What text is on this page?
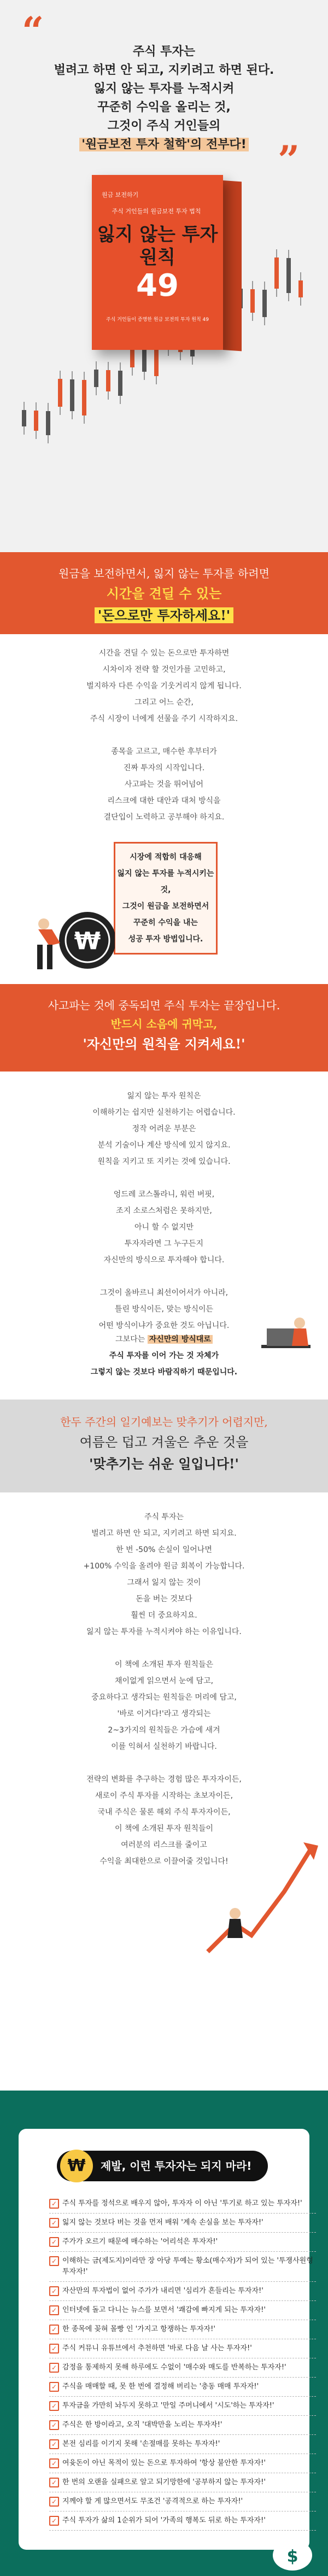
“
”

주식 투자는

벌려고 하면 안 되고, 지키려고 하면 된다.

잃지 않는 투자를 누적시켜

꾸준히 수익을 올리는 것,

그것이 주식 거인들의

'원금보전 투자 철학'의 전부다!

원금 보전하기
주식 거인들의 원금보전 투자 법칙
잃지 않는 투자 원칙
49
주식 거인들이 증명한 원금 보전의 투자 원칙 49
원금을 보전하면서, 잃지 않는 투자를 하려면
시간을 견딜 수 있는
'돈으로만 투자하세요!'
시간을 견딜 수 있는 돈으로만 투자하면
시차이자 전략 할 것인가를 고민하고,
벌지하자 다른 수익을 기웃거리지 않게 됩니다.
그리고 어느 순간,
주식 시장이 너에게 선물을 주기 시작하지요.

종목을 고르고, 매수한 후부터가
진짜 투자의 시작입니다.
사고파는 것을 뛰어넘어
리스크에 대한 대안과 대처 방식을
결단입이 노력하고 공부해야 하지요.
시장에 적합히 대응해
잃지 않는 투자를 누적시키는 것,
그것이 원금을 보전하면서
꾸준히 수익을 내는
성공 투자 방법입니다.
₩
사고파는 것에 중독되면 주식 투자는 끝장입니다.
반드시 소음에 귀막고,
'자신만의 원칙을 지켜세요!'
잃지 않는 투자 원칙은
이해하기는 쉽지만 실천하기는 어렵습니다.
정작 어려운 부분은
분석 기술이나 계산 방식에 있지 않지요.
원칙을 지키고 또 지키는 것에 있습니다.

엉드레 코스톨라니, 워런 버핏,
조지 소로스처럼은 못하지만,
아니 할 수 없지만
투자자라면 그 누구든지
자신만의 방식으로 투자해야 합니다.

그것이 올바르니 최선이어서가 아니라,
틀린 방식이든, 맞는 방식이든
어떤 방식이냐가 중요한 것도 아닙니다.
그보다는 자신만의 방식대로
주식 투자를 이어 가는 것 자체가
그렇지 않는 것보다 바람직하기 때문입니다.
한두 주간의 일기예보는 맞추기가 어렵지만,
여름은 덥고 겨울은 추운 것을
'맞추기는 쉬운 일입니다!'
주식 투자는
벌려고 하면 안 되고, 지키려고 하면 되지요.
한 번 -50% 손실이 일어나면
+100% 수익을 올려야 원금 회복이 가능합니다.
그래서 잃지 않는 것이
돈을 버는 것보다
훨씬 더 중요하지요.
잃지 않는 투자를 누적시켜야 하는 이유입니다.

이 책에 소개된 투자 원칙들은
채이없게 읽으면서 눈에 담고,
중요하다고 생각되는 원칙들은 머리에 담고,
'바로 이거다!'라고 생각되는
2~3가지의 원칙들은 가슴에 새겨
이를 익혀서 실천하기 바랍니다.

전략의 변화를 추구하는 경험 많은 투자자이든,
새로이 주식 투자를 시작하는 초보자이든,
국내 주식은 물론 해외 주식 투자자이든,
이 책에 소개된 투자 원칙들이
여러분의 리스크를 줄이고
수익을 최대한으로 이끌어줄 것입니다!
제발, 이런 투자자는 되지 마라!
₩
✓ 주식 투자를 정석으로 배우지 않아, 투자자 이 아닌 '투기로 하고 있는 투자자!'
✓ 잃지 않는 것보다 버는 것을 먼저 배워 '계속 손실을 보는 투자자!'
✓ 주가가 오르기 때문에 매수하는 '어리석은 투자자!'
✓ 이해하는 금(제도지)이라만 장 아당 투예는 황소(매수자)가 되어 있는 '투쟁사원형 투자자!'
✓ 자산만의 투자법이 없어 주가가 내리면 '심리가 흔들리는 투자자!'
✓ 인터넷에 돌고 다니는 뉴스를 보면서 '쾌감에 빠지게 되는 투자자!'
✓ 한 종목에 꽂혀 몰빵 인 '가지고 항쟁하는 투자자!'
✓ 주식 커뮤니 유튜브에서 추천하면 '바로 다음 날 사는 투자자!'
✓ 감정을 통제하지 못해 하루에도 수없이 '매수와 매도를 반복하는 투자자!'
✓ 주식을 매매할 때, 못 한 번에 결정해 버리는 '충동 매매 투자자!'
✓ 투자금을 가만히 놔두지 못하고 '만일 주머니에서 '시도'하는 투자자!'
✓ 주식은 한 방이라고, 오직 '대박만을 노리는 투자자!'
✓ 본전 심리를 이기지 못해 '손절매를 못하는 투자자!'
✓ 여윳돈이 아닌 목적이 있는 돈으로 투자하여 '항상 불안한 투자자!'
✓ 한 번의 오랜을 실패으로 알고 되기망한에 '공부하지 않는 투자자!'
✓ 지께야 할 게 많으면서도 무조건 '공격적으로 하는 투자자!'
✓ 주식 투자가 삶의 1순위가 되어 '가족의 행복도 뒤로 하는 투자자!'
$
